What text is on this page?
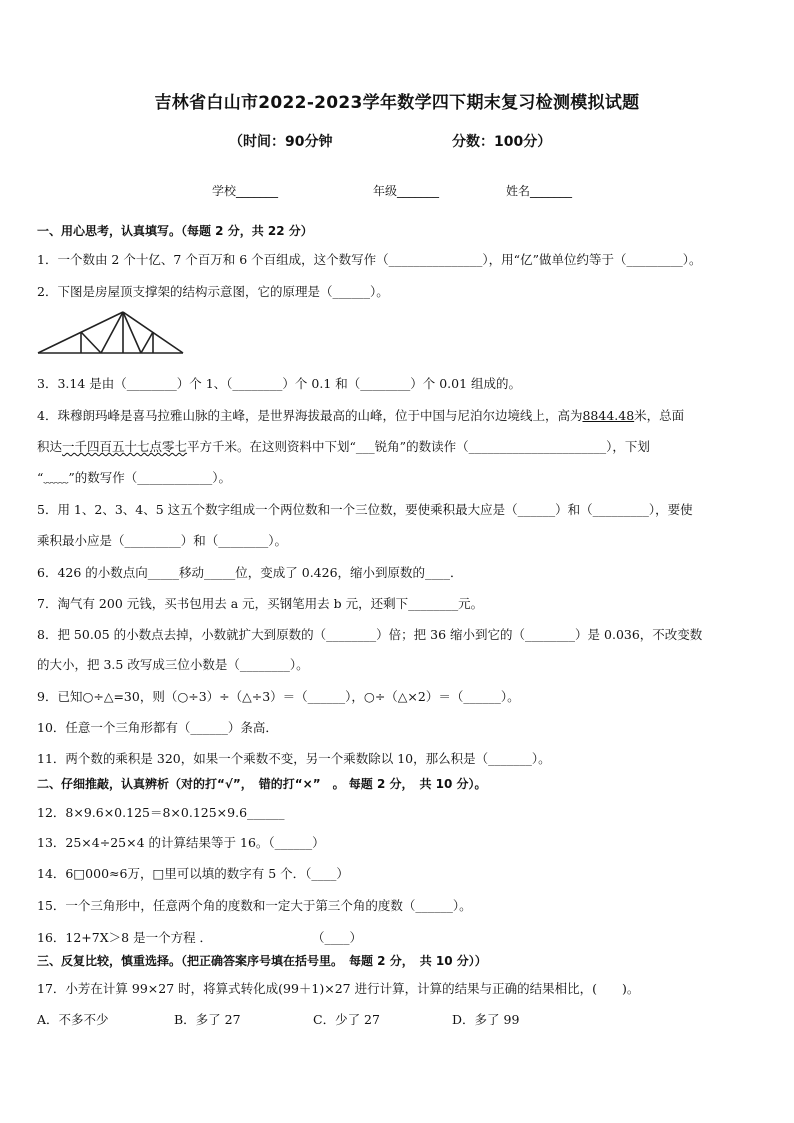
吉林省白山市2022-2023学年数学四下期末复习检测模拟试题
（时间：90分钟	分数：100分）
学校_______	年级_______	姓名_______
一、用心思考，认真填写。（每题 2 分，共 22 分）
1．一个数由 2 个十亿、7 个百万和 6 个百组成，这个数写作（_______________），用“亿”做单位约等于（_________）。
2．下图是房屋顶支撑架的结构示意图，它的原理是（______）。
3．3.14 是由（________）个 1、（________）个 0.1 和（________）个 0.01 组成的。
4．珠穆朗玛峰是喜马拉雅山脉的主峰，是世界海拔最高的山峰，位于中国与尼泊尔边境线上，高为8844.48米，总面
积达一千四百五十七点零七平方千米。在这则资料中下划“___锐角”的数读作（______________________），下划
“﹏﹏”的数写作（____________）。
5．用 1、2、3、4、5 这五个数字组成一个两位数和一个三位数，要使乘积最大应是（______）和（_________），要使
乘积最小应是（_________）和（________）。
6．426 的小数点向_____移动_____位，变成了 0.426，缩小到原数的____．
7．淘气有 200 元钱，买书包用去 a 元，买钢笔用去 b 元，还剩下________元。
8．把 50.05 的小数点去掉，小数就扩大到原数的（________）倍；把 36 缩小到它的（________）是 0.036，不改变数
的大小，把 3.5 改写成三位小数是（________）。
9．已知○÷△=30，则（○÷3）÷（△÷3）＝（______），○÷（△×2）＝（______）。
10．任意一个三角形都有（______）条高．
11．两个数的乘积是 320，如果一个乘数不变，另一个乘数除以 10，那么积是（_______）。
二、仔细推敲，认真辨析（对的打“√”，　错的打“×”　。 每题 2 分，　共 10 分）。
12．8×9.6×0.125＝8×0.125×9.6______
13．25×4÷25×4 的计算结果等于 16。（______）
14．6□000≈6万，□里可以填的数字有 5 个．（____）
15．一个三角形中，任意两个角的度数和一定大于第三个角的度数（______）。
16．12+7X＞8 是一个方程 ．　　　　　　　　　（____）
三、反复比较，慎重选择。（把正确答案序号填在括号里。　每题 2 分，　共 10 分））
17．小芳在计算 99×27 时，将算式转化成(99＋1)×27 进行计算，计算的结果与正确的结果相比，(　　)。
A．不多不少	B．多了 27	C．少了 27	D．多了 99
